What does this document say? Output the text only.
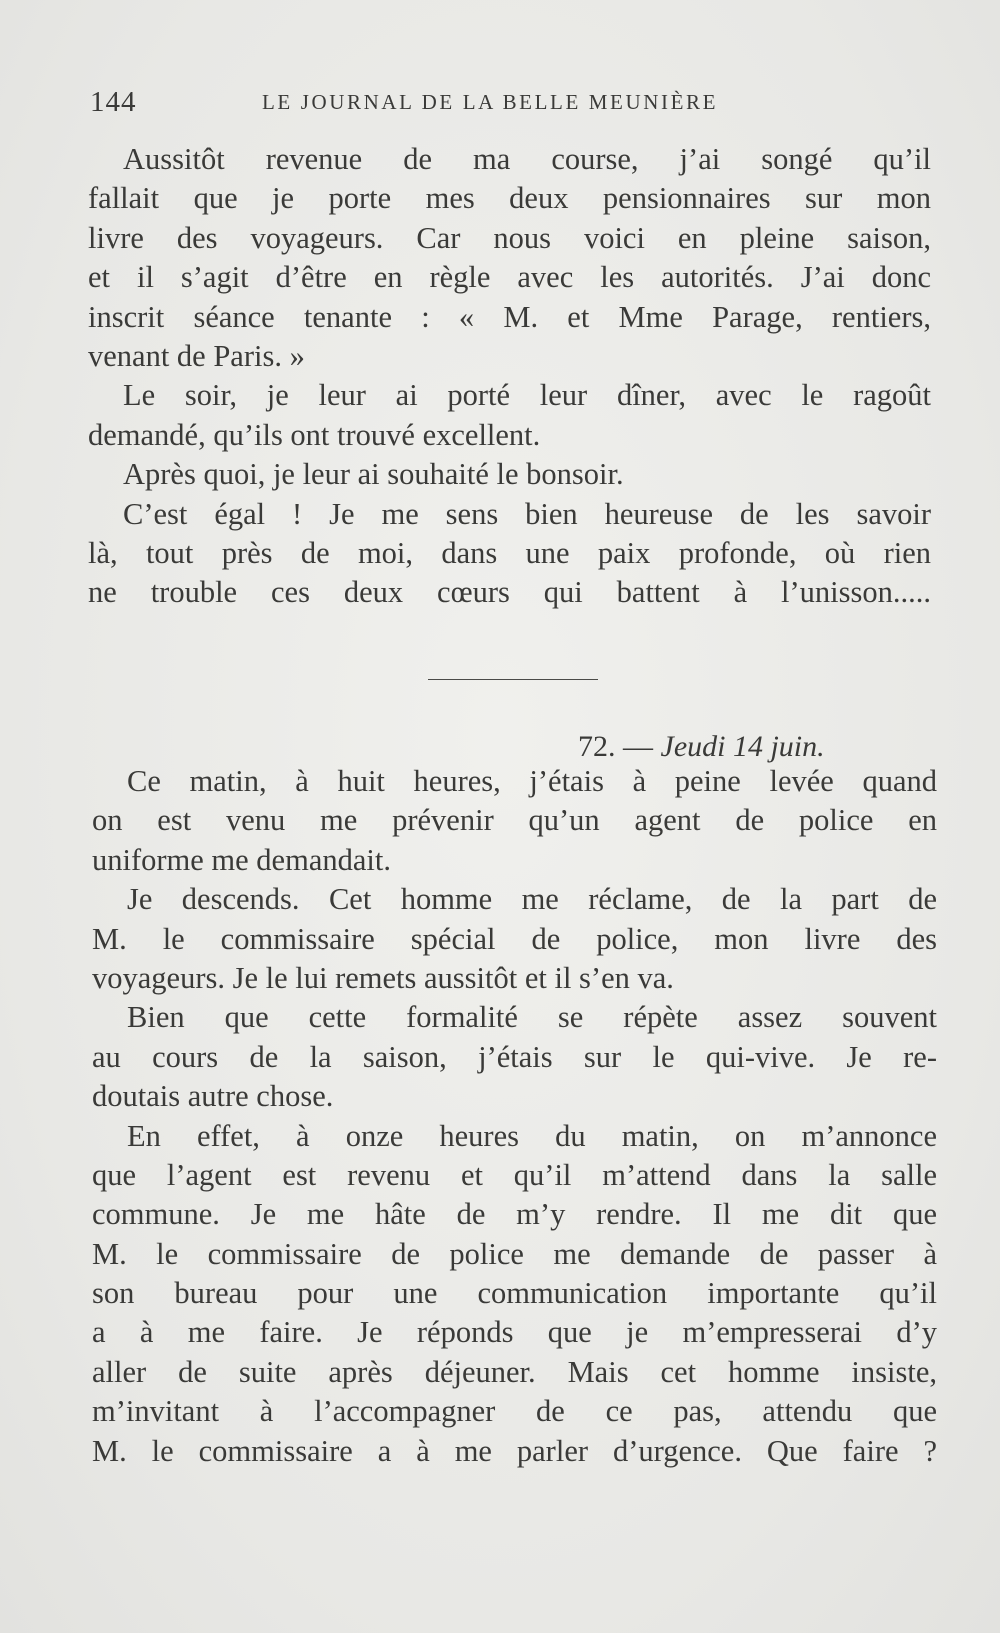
144	LE JOURNAL DE LA BELLE MEUNIÈRE
Aussitôt revenue de ma course, j’ai songé qu’il
fallait que je porte mes deux pensionnaires sur mon
livre des voyageurs. Car nous voici en pleine saison,
et il s’agit d’être en règle avec les autorités. J’ai donc
inscrit séance tenante : « M. et Mme Parage, rentiers,
venant de Paris. »
Le soir, je leur ai porté leur dîner, avec le ragoût
demandé, qu’ils ont trouvé excellent.
Après quoi, je leur ai souhaité le bonsoir.
C’est égal ! Je me sens bien heureuse de les savoir
là, tout près de moi, dans une paix profonde, où rien
ne trouble ces deux cœurs qui battent à l’unisson.....
72. — Jeudi 14 juin.
Ce matin, à huit heures, j’étais à peine levée quand
on est venu me prévenir qu’un agent de police en
uniforme me demandait.
Je descends. Cet homme me réclame, de la part de
M. le commissaire spécial de police, mon livre des
voyageurs. Je le lui remets aussitôt et il s’en va.
Bien que cette formalité se répète assez souvent
au cours de la saison, j’étais sur le qui-vive. Je re-
doutais autre chose.
En effet, à onze heures du matin, on m’annonce
que l’agent est revenu et qu’il m’attend dans la salle
commune. Je me hâte de m’y rendre. Il me dit que
M. le commissaire de police me demande de passer à
son bureau pour une communication importante qu’il
a à me faire. Je réponds que je m’empresserai d’y
aller de suite après déjeuner. Mais cet homme insiste,
m’invitant à l’accompagner de ce pas, attendu que
M. le commissaire a à me parler d’urgence. Que faire ?
